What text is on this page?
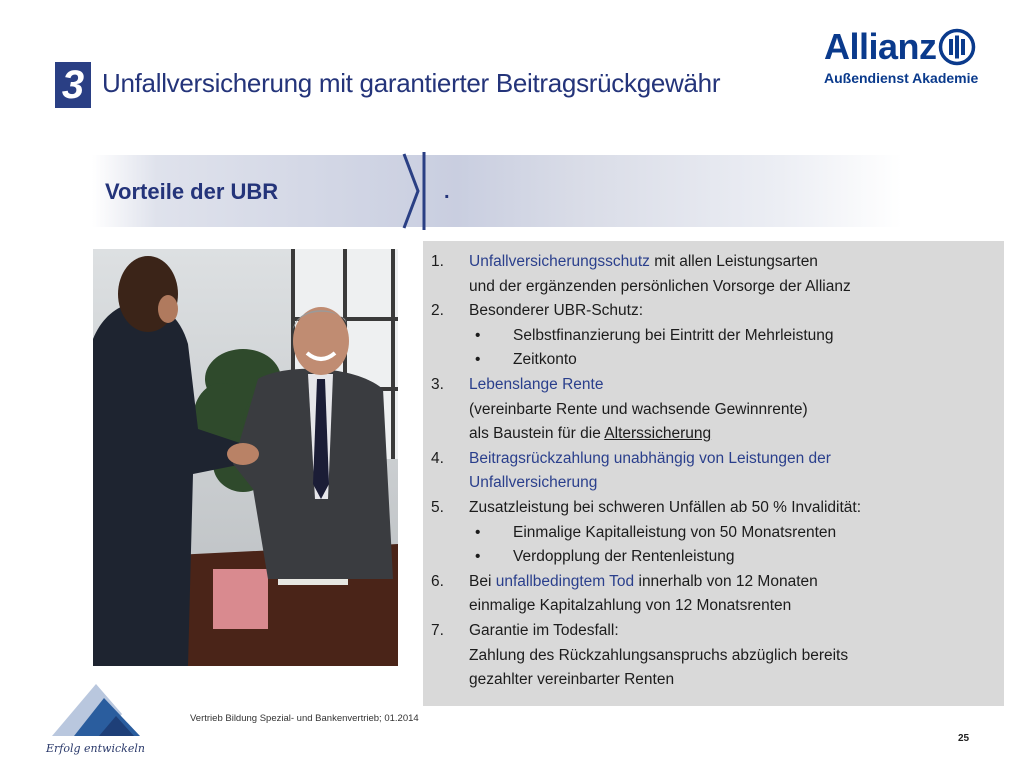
3 Unfallversicherung mit garantierter Beitragsrückgewähr
Allianz
Außendienst Akademie
Vorteile der UBR	.
1.	Unfallversicherungsschutz mit allen Leistungsarten
und der ergänzenden persönlichen Vorsorge der Allianz
2.	Besonderer UBR-Schutz:
•	Selbstfinanzierung bei Eintritt der Mehrleistung
•	Zeitkonto
3.	Lebenslange Rente
(vereinbarte Rente und wachsende Gewinnrente)
als Baustein für die Alterssicherung
4.	Beitragsrückzahlung unabhängig von Leistungen der
Unfallversicherung
5.	Zusatzleistung bei schweren Unfällen ab 50 % Invalidität:
•	Einmalige Kapitalleistung von 50 Monatsrenten
•	Verdopplung der Rentenleistung
6.	Bei unfallbedingtem Tod innerhalb von 12 Monaten
einmalige Kapitalzahlung von 12 Monatsrenten
7.	Garantie im Todesfall:
Zahlung des Rückzahlungsanspruchs abzüglich bereits
gezahlter vereinbarter Renten
Erfolg entwickeln
Vertrieb Bildung Spezial- und Bankenvertrieb; 01.2014
25
